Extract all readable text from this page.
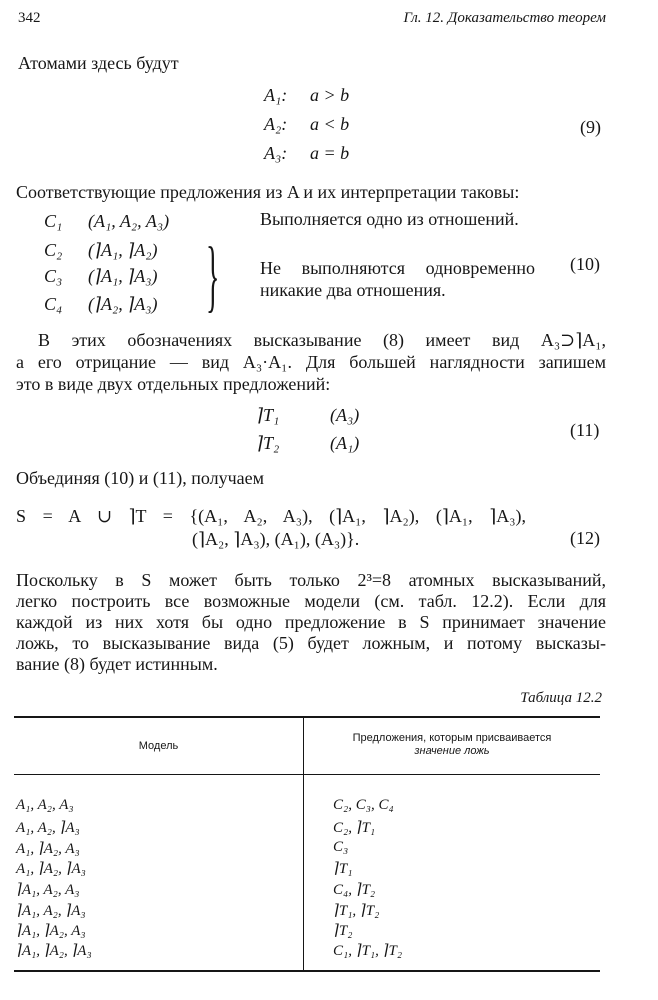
342	Гл. 12. Доказательство теорем
Атомами здесь будут
A₁: a > b
A₂: a < b
A₃: a = b
(9)
Соответствующие предложения из A и их интерпретации таковы:
C₁ (A₁, A₂, A₃)
C₂ (⌉A₁, ⌉A₂)
C₃ (⌉A₁, ⌉A₃)
C₄ (⌉A₂, ⌉A₃) }
Выполняется одно из отношений.
Не выполняются одновременно
никакие два отношения.
(10)
В этих обозначениях высказывание (8) имеет вид A₃⊃⌉A₁,
а его отрицание — вид A₃·A₁. Для большей наглядности запишем
это в виде двух отдельных предложений:
⌉T₁	(A₃)
⌉T₂	(A₁)
(11)
Объединяя (10) и (11), получаем
S = A ∪ ⌉T = {(A₁, A₂, A₃), (⌉A₁, ⌉A₂), (⌉A₁, ⌉A₃),
(⌉A₂, ⌉A₃), (A₁), (A₃)}.	(12)
Поскольку в S может быть только 2³=8 атомных высказываний,
легко построить все возможные модели (см. табл. 12.2). Если для
каждой из них хотя бы одно предложение в S принимает значение
ложь, то высказывание вида (5) будет ложным, и потому высказы-
вание (8) будет истинным.
Таблица 12.2
Модель
Предложения, которым присваивается
значение ложь
A₁, A₂, A₃	C₂, C₃, C₄
A₁, A₂, ⌉A₃	C₂, ⌉T₁
A₁, ⌉A₂, A₃	C₃
A₁, ⌉A₂, ⌉A₃	⌉T₁
⌉A₁, A₂, A₃	C₄, ⌉T₂
⌉A₁, A₂, ⌉A₃	⌉T₁, ⌉T₂
⌉A₁, ⌉A₂, A₃	⌉T₂
⌉A₁, ⌉A₂, ⌉A₃	C₁, ⌉T₁, ⌉T₂
